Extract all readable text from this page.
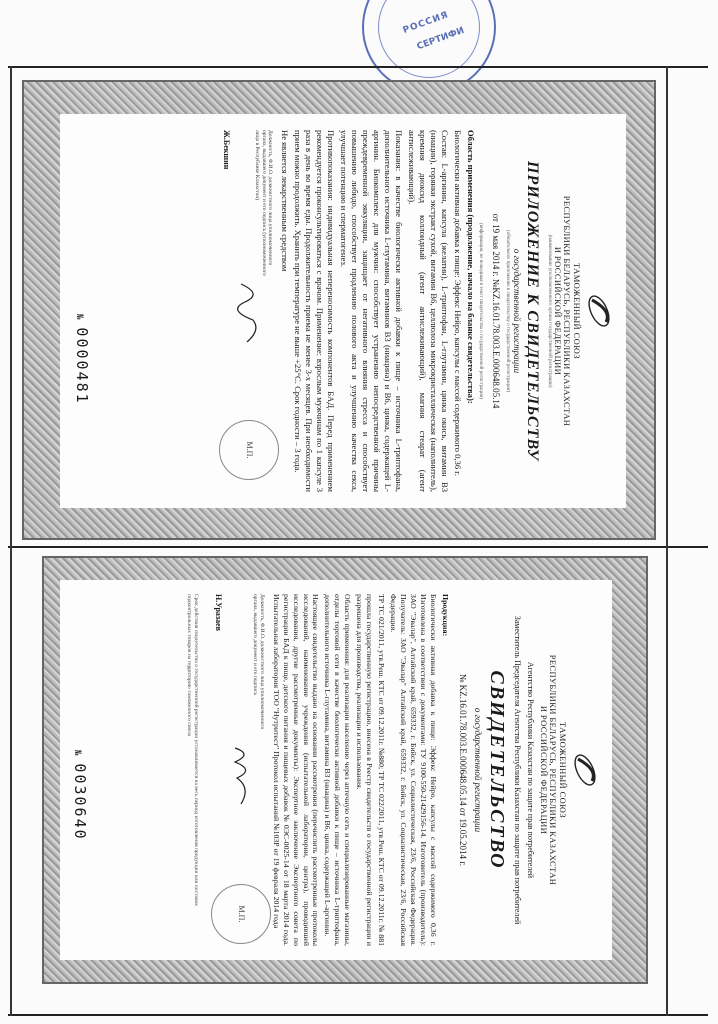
РОССИЯ
СЕРТИФИ
ТАМОЖЕННЫЙ СОЮЗ
РЕСПУБЛИКИ БЕЛАРУСЬ, РЕСПУБЛИКИ КАЗАХСТАН
И РОССИЙСКОЙ ФЕДЕРАЦИИ
(наименование уполномоченного органа государственной регистрации)
ПРИЛОЖЕНИЕ К СВИДЕТЕЛЬСТВУ
о государственной регистрации
(обязательное приложение к свидетельству о государственной регистрации)
от 19 мая 2014 г. №KZ.16.01.78.003.E.000648.05.14
(информация, не вошедшая в текст свидетельства о государственной регистрации)

Область применения (продолжение, начало на бланке свидетельства):

Биологически активная добавка к пище: Эффекс Нейро, капсулы с массой содержимого 0,36 г.

Состав: L-аргинин, капсула (желатин), L-триптофан, L-глутамин, цинка окись, витамин В3 (ниацин), горянки экстракт сухой, витамин В6, целлюлоза микрокристаллическая (наполнитель), кремния диоксид коллоидный (агент антислеживающий), магния стеарат (агент антислеживающий).

Показания: в качестве биологически активной добавки к пище – источника L-триптофана, дополнительного источника L-глутамина, витаминов В3 (ниацина) и В6, цинка, содержащей L-аргинин. Биокомплекс для мужчин: способствует устранению непосредственной причины преждевременной эякуляции, защищает от негативного влияния стресса и способствует повышению либидо, способствует продлению полового акта и улучшению качества секса, улучшает потенцию и сперматогенез.

Противопоказания: индивидуальная непереносимость компонентов БАД. Перед применением рекомендуется проконсультироваться с врачом. Применение: взрослым мужчинам по 1 капсуле 3 раза в день во время еды. Продолжительность приема не менее 3-х месяцев. При необходимости прием можно продолжить. Хранить при температуре не выше +25°С. Срок годности – 3 года.

Не является лекарственным средством

Должность, Ф.И.О. должностного лица уполномоченного органа, выдавшего документ и его подпись (уполномоченного лица в Республике Казахстан)
Ж.Бекшин
М.П.
№0000481
ТАМОЖЕННЫЙ СОЮЗ
РЕСПУБЛИКИ БЕЛАРУСЬ, РЕСПУБЛИКИ КАЗАХСТАН
И РОССИЙСКОЙ ФЕДЕРАЦИИ
Агентство Республики Казахстан по защите прав потребителей
Заместитель Председателя Агентства Республики Казахстан по защите прав потребителей
СВИДЕТЕЛЬСТВО
о государственной регистрации
№ KZ.16.01.78.003.E.000648.05.14 от 19.05.2014 г.

Продукция:

Биологически активная добавка к пище: Эффекс Нейро, капсулы с массой содержимого 0,36 г. Изготовлена в соответствии с документами: ТУ 9100-550-21429156-14. Изготовитель (производитель): ЗАО "Эвалар", Алтайский край, 659332, г. Бийск, ул. Социалистическая, 23/6, Российская Федерация. Получатель: ЗАО "Эвалар" Алтайский край, 659332, г. Бийск, ул. Социалистическая, 23/6, Российская Федерация.

ТР ТС 021/2011, утв.Реш. КТС от 09.12.2011г. №880; ТР ТС 022/2011, утв.Реш. КТС от 09.12.2011г. № 881

прошла государственную регистрацию, внесена в Реестр свидетельств о государственной регистрации и разрешена для производства, реализации и использования.

Область применения: для реализации населению через аптечную сеть и специализированные магазины, отделы торговой сети в качестве биологически активной добавки к пище – источника L-триптофана, дополнительного источника L-глутамина, витамина В3 (ниацина) и В6, цинка, содержащей L-аргинин.

Настоящее свидетельство выдано на основании рассмотрения (перечислить рассмотренные протоколы исследований, наименование учреждения (испытательной лаборатории, центра), проводившей исследования, другие рассмотренные документы): Экспертное заключение Экспертного совета по регистрации БАД к пище, детского питания и пищевых добавок № 0ЭС-0025-14 от 18 марта 2014 года. Испытательная лаборатория ТОО "Нутритест" Протокол испытаний №103Р от 19 февраля 2014 года

Должность, Ф.И.О. должностного лица уполномоченного органа, выдавшего документ и его подпись
Н.Уразаев
М.П.
Срок действия свидетельства о государственной регистрации устанавливается на весь период изготовления продукции или поставок подконтрольных товаров на территорию таможенного союза
№0030640
